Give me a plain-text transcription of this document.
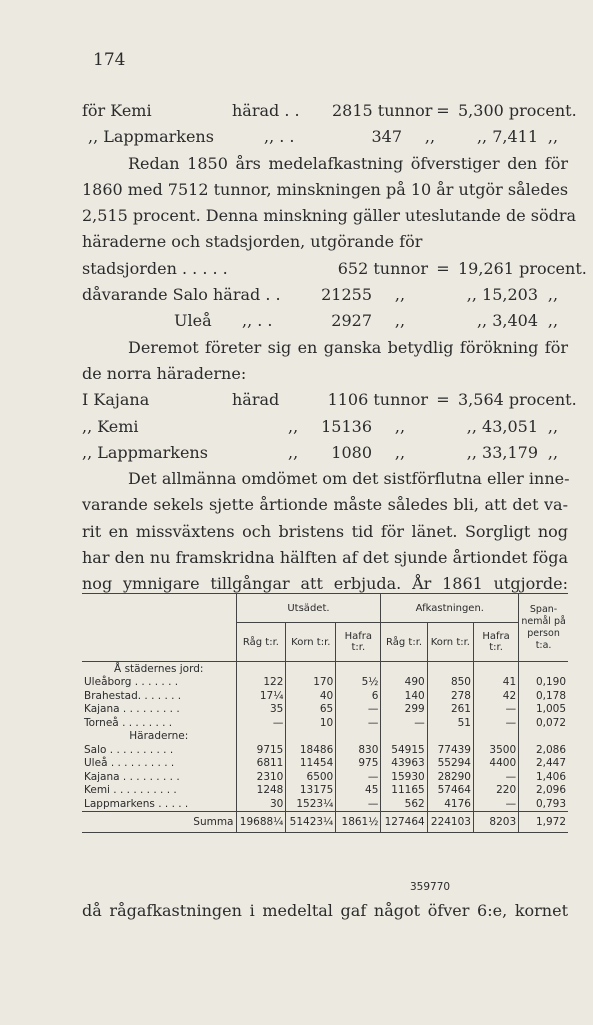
174
för Kemi	härad . .	2815 tunnor = 5,300 procent.
,, Lappmarkens	,, . .	347	,,	,, 7,411 ,,
Redan 1850 års medelafkastning öfverstiger den för
1860 med 7512 tunnor, minskningen på 10 år utgör således
2,515 procent. Denna minskning gäller uteslutande de södra
häraderne och stadsjorden, utgörande för
stadsjorden . . . . .	652 tunnor = 19,261 procent.
dåvarande Salo härad . .	21255	,,	,, 15,203 ,,
Uleå	,, . .	2927	,,	,, 3,404 ,,
Deremot företer sig en ganska betydlig förökning för
de norra häraderne:
I Kajana	härad	1106 tunnor = 3,564 procent.
,, Kemi	,,	15136	,,	,, 43,051 ,,
,, Lappmarkens	,,	1080	,,	,, 33,179 ,,
Det allmänna omdömet om det sistförflutna eller inne-
varande sekels sjette årtionde måste således bli, att det va-
rit en missväxtens och bristens tid för länet. Sorgligt nog
har den nu framskridna hälften af det sjunde årtiondet föga
nog ymnigare tillgångar att erbjuda. År 1861 utgjorde:
	Utsädet.			Afkastningen.			Span-nemål på person t:a.
	Råg t:r.	Korn t:r.	Hafra t:r.	Råg t:r.	Korn t:r.	Hafra t:r.	
Å städernes jord:							
Uleåborg . . . . . . .	122	170	5½	490	850	41	0,190
Brahestad. . . . . . .	17¼	40	6	140	278	42	0,178
Kajana . . . . . . . . .	35	65	—	299	261	—	1,005
Torneå . . . . . . . .	—	10	—	—	51	—	0,072
Häraderne:							
Salo . . . . . . . . . .	9715	18486	830	54915	77439	3500	2,086
Uleå . . . . . . . . . .	6811	11454	975	43963	55294	4400	2,447
Kajana . . . . . . . . .	2310	6500	—	15930	28290	—	1,406
Kemi . . . . . . . . . .	1248	13175	45	11165	57464	220	2,096
Lappmarkens . . . . .	30	1523¼	—	562	4176	—	0,793
Summa	19688¼	51423¼	1861½	127464	224103	8203	1,972
359770
då rågafkastningen i medeltal gaf något öfver 6:e, kornet
